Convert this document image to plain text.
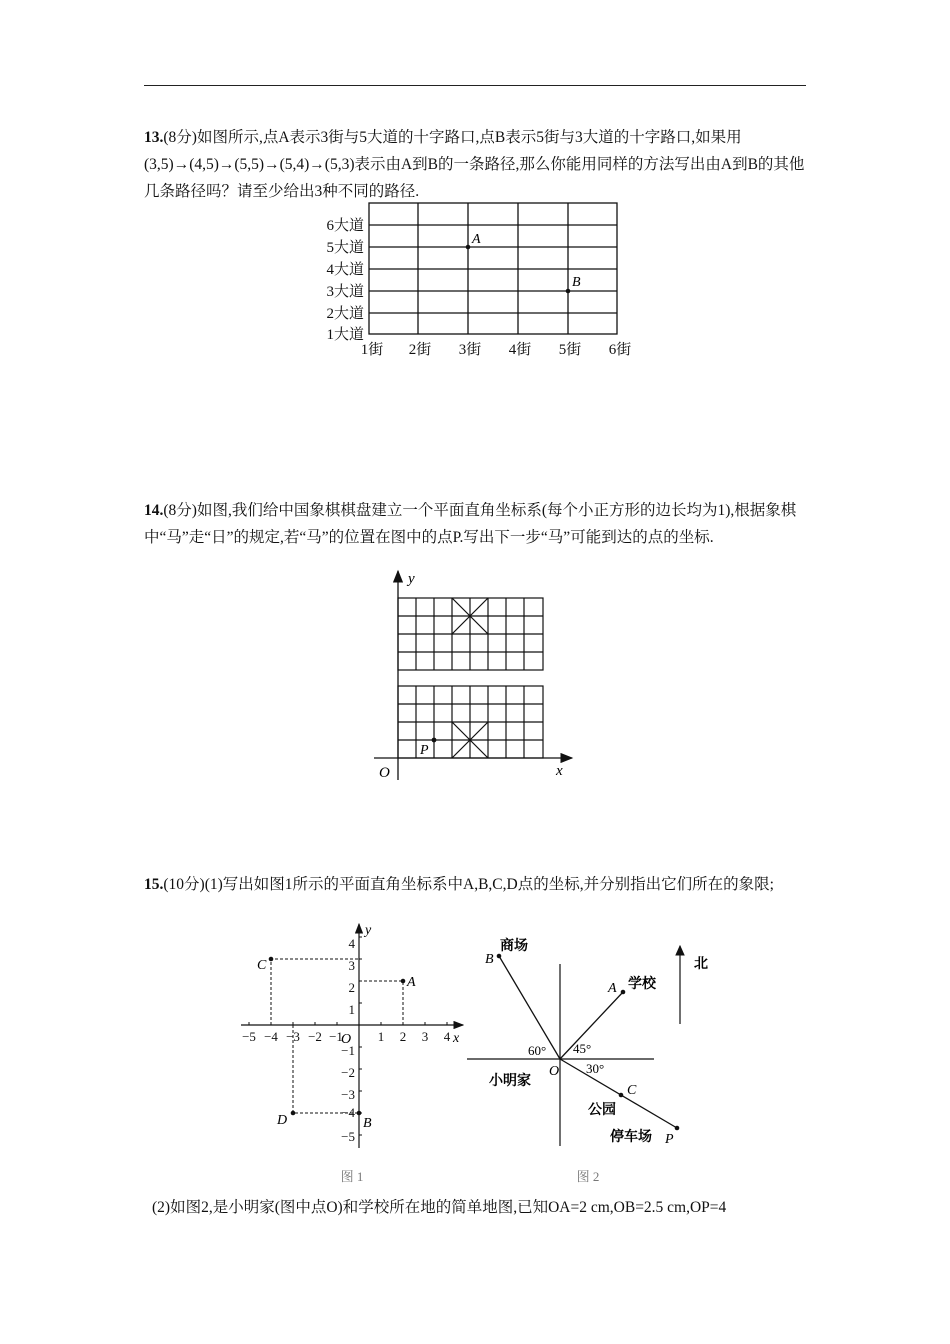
13.(8分)如图所示,点A表示3街与5大道的十字路口,点B表示5街与3大道的十字路口,如果用(3,5)→(4,5)→(5,5)→(5,4)→(5,3)表示由A到B的一条路径,那么你能用同样的方法写出由A到B的其他几条路径吗？请至少给出3种不同的路径.

6大道
5大道
4大道
3大道
2大道
1大道
1街 2街 3街 4街 5街 6街
A
B

14.(8分)如图,我们给中国象棋棋盘建立一个平面直角坐标系(每个小正方形的边长均为1),根据象棋中“马”走“日”的规定,若“马”的位置在图中的点P.写出下一步“马”可能到达的点的坐标.

y
x
O
P

15.(10分)(1)写出如图1所示的平面直角坐标系中A,B,C,D点的坐标,并分别指出它们所在的象限;

−5 −4 −3 −2 −1	1 2 3 4
4
3
2
1
−1
−2
−3
−4
−5
O	x
y
A
B
C
D
图 1
北
商场
B
学校
A
小明家
O
60° 45°
30°
C
公园
停车场 P
图 2

(2)如图2,是小明家(图中点O)和学校所在地的简单地图,已知OA=2 cm,OB=2.5 cm,OP=4
